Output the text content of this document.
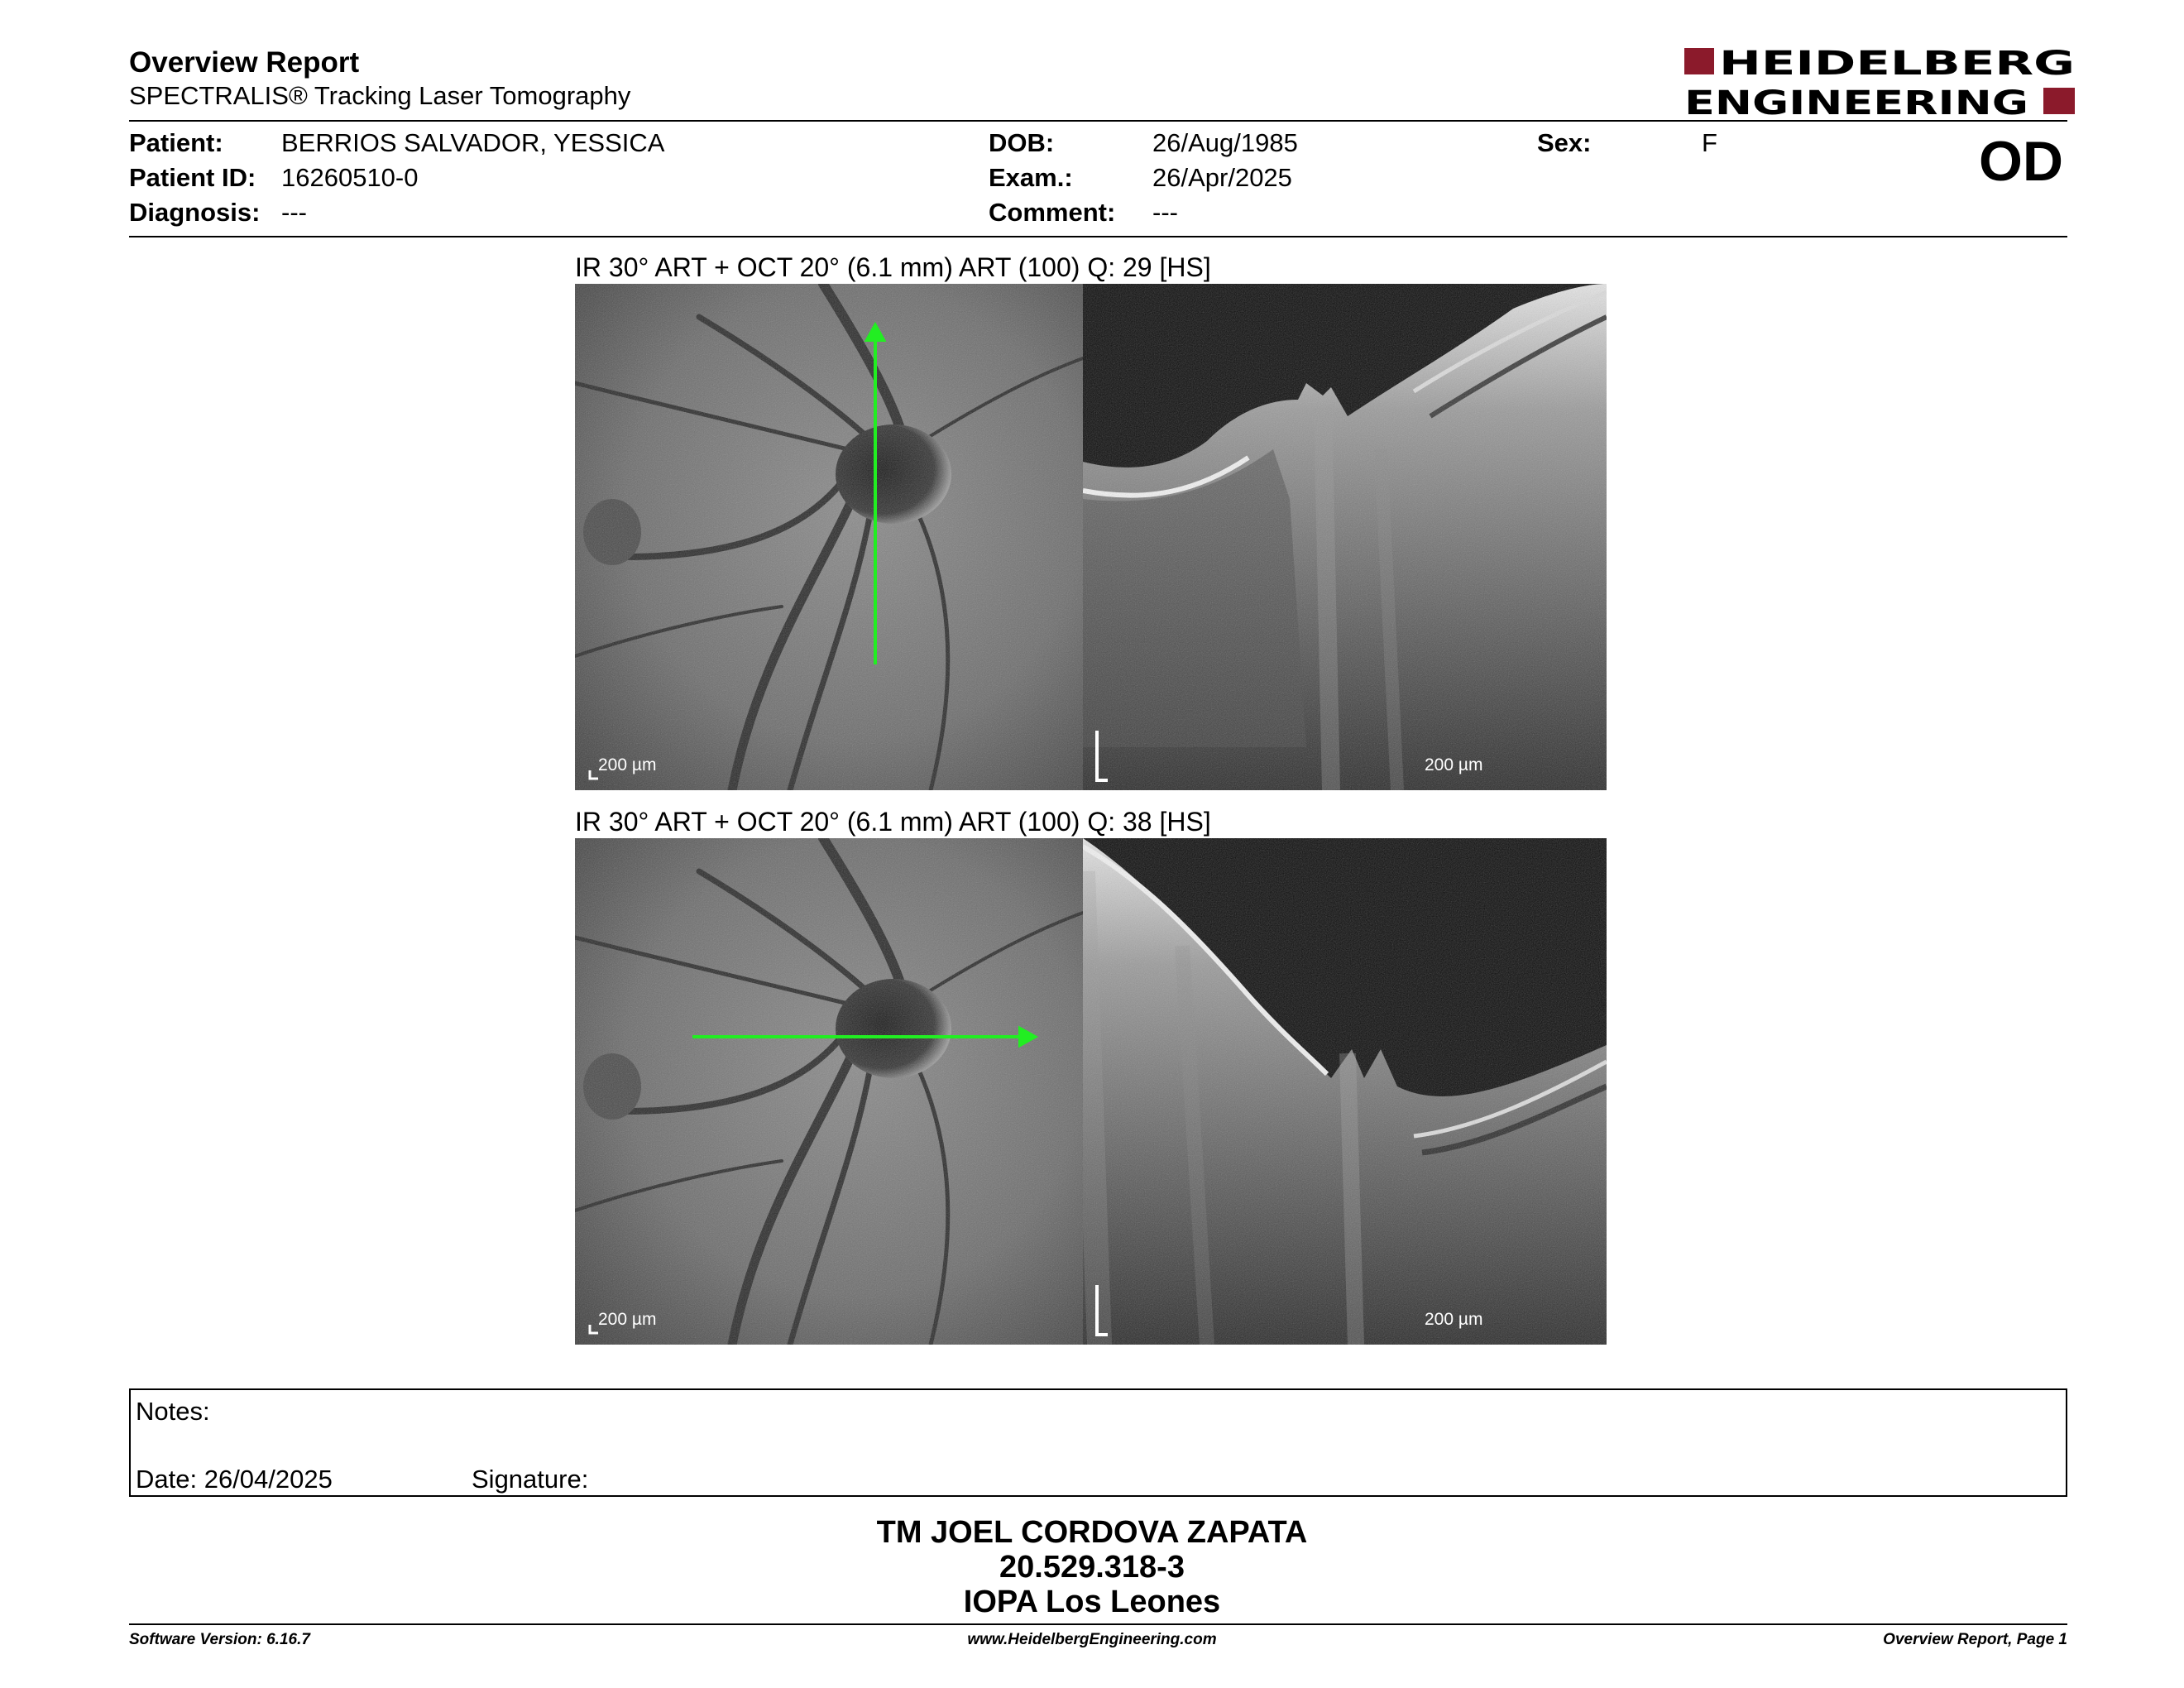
Overview Report
SPECTRALIS® Tracking Laser Tomography
HEIDELBERG
ENGINEERING
Patient: BERRIOS SALVADOR, YESSICA
Patient ID: 16260510-0
Diagnosis: ---
DOB:	26/Aug/1985
Exam.:	26/Apr/2025
Comment: ---
Sex:	F	OD
IR 30° ART + OCT 20° (6.1 mm) ART (100) Q: 29 [HS]
200 µm	200 µm
IR 30° ART + OCT 20° (6.1 mm) ART (100) Q: 38 [HS]
200 µm	200 µm
Notes:
Date: 26/04/2025	Signature:
TM JOEL CORDOVA ZAPATA
20.529.318-3
IOPA Los Leones
Software Version: 6.16.7	www.HeidelbergEngineering.com	Overview Report, Page 1
